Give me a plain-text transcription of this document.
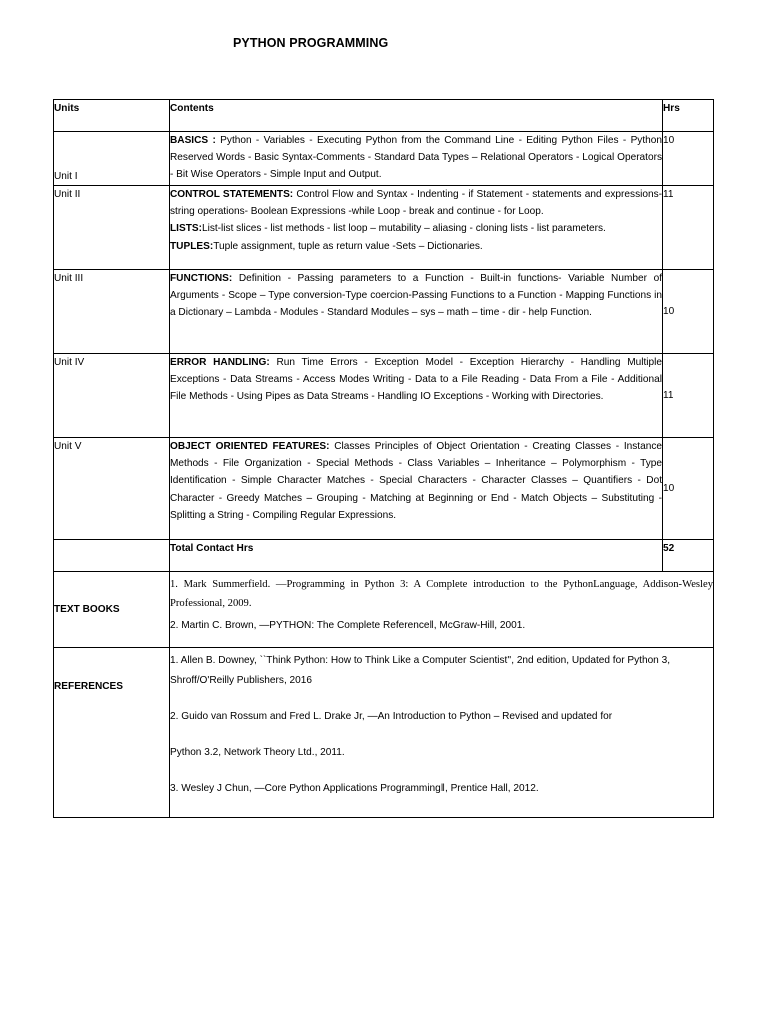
PYTHON PROGRAMMING
Units	Contents	Hrs
Unit I	BASICS : Python - Variables - Executing Python from the Command Line - Editing Python Files - Python Reserved Words - Basic Syntax-Comments - Standard Data Types – Relational Operators - Logical Operators - Bit Wise Operators - Simple Input and Output.	10
Unit II	CONTROL STATEMENTS: Control Flow and Syntax - Indenting - if Statement - statements and expressions- string operations- Boolean Expressions -while Loop - break and continue - for Loop.
LISTS:List-list slices - list methods - list loop – mutability – aliasing - cloning lists - list parameters.
TUPLES:Tuple assignment, tuple as return value -Sets – Dictionaries.	11
Unit III	FUNCTIONS: Definition - Passing parameters to a Function - Built-in functions- Variable Number of Arguments - Scope – Type conversion-Type coercion-Passing Functions to a Function - Mapping Functions in a Dictionary – Lambda - Modules - Standard Modules – sys – math – time - dir - help Function.	10
Unit IV	ERROR HANDLING: Run Time Errors - Exception Model - Exception Hierarchy - Handling Multiple Exceptions - Data Streams - Access Modes Writing - Data to a File Reading - Data From a File - Additional File Methods - Using Pipes as Data Streams - Handling IO Exceptions - Working with Directories.	11
Unit V	OBJECT ORIENTED FEATURES: Classes Principles of Object Orientation - Creating Classes - Instance Methods - File Organization - Special Methods - Class Variables – Inheritance – Polymorphism - Type Identification - Simple Character Matches - Special Characters - Character Classes – Quantifiers - Dot Character - Greedy Matches – Grouping - Matching at Beginning or End - Match Objects – Substituting - Splitting a String - Compiling Regular Expressions.	10
	Total Contact Hrs	52
TEXT BOOKS	1. Mark Summerfield. ―Programming in Python 3: A Complete introduction to the PythonLanguage, Addison-Wesley Professional, 2009.

2. Martin C. Brown, ―PYTHON: The Complete Reference‖, McGraw-Hill, 2001.	

REFERENCES	1. Allen B. Downey, ``Think Python: How to Think Like a Computer Scientist'', 2nd edition, Updated for Python 3, Shroff/O'Reilly Publishers, 2016

2. Guido van Rossum and Fred L. Drake Jr, ―An Introduction to Python – Revised and updated for

Python 3.2, Network Theory Ltd., 2011.

3. Wesley J Chun, ―Core Python Applications Programming‖, Prentice Hall, 2012.	
